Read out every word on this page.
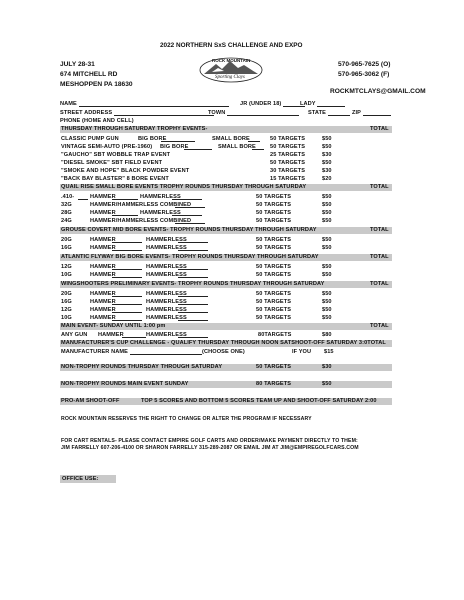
2022 NORTHERN SxS CHALLENGE AND EXPO
JULY 28-31
674 MITCHELL RD
MESHOPPEN PA 18630
570-965-7625 (O)
570-965-3062 (F)
ROCKMTCLAYS@GMAIL.COM
ROCK MOUNTAIN
Sporting Clays
NAME	JR (UNDER 18)	LADY
STREET ADDRESS	TOWN	STATE	ZIP
PHONE (HOME AND CELL)
THURSDAY THROUGH SATURDAY TROPHY EVENTS-	TOTAL
CLASSIC PUMP GUN	BIG BORE	SMALL BORE	50 TARGETS	$50
VINTAGE SEMI-AUTO (PRE-1960) BIG BORE	SMALL BORE	50 TARGETS	$50
"GAUCHO" SBT WOBBLE TRAP EVENT	25 TARGETS	$30
"DIESEL SMOKE" SBT FIELD EVENT	50 TARGETS	$50
"SMOKE AND HOPE" BLACK POWDER EVENT	30 TARGETS	$30
"BACK BAY BLASTER" 8 BORE EVENT	15 TARGETS	$20
QUAIL RISE SMALL BORE EVENTS TROPHY ROUNDS THURSDAY THROUGH SATURDAY	TOTAL
.410-	HAMMER	HAMMERLESS	50 TARGETS	$50
32G	HAMMER/HAMMERLESS COMBINED	50 TARGETS	$50
28G	HAMMER	HAMMERLESS	50 TARGETS	$50
24G	HAMMER/HAMMERLESS COMBINED	50 TARGETS	$50
GROUSE COVERT MID BORE EVENTS- TROPHY ROUNDS THURSDAY THROUGH SATURDAY	TOTAL
20G	HAMMER	HAMMERLESS	50 TARGETS	$50
16G	HAMMER	HAMMERLESS	50 TARGETS	$50
ATLANTIC FLYWAY BIG BORE EVENTS- TROPHY ROUNDS THURSDAY THROUGH SATURDAY	TOTAL
12G	HAMMER	HAMMERLESS	50 TARGETS	$50
10G	HAMMER	HAMMERLESS	50 TARGETS	$50
WINGSHOOTERS PRELIMINARY EVENTS- TROPHY ROUNDS THURSDAY THROUGH SATURDAY	TOTAL
20G	HAMMER	HAMMERLESS	50 TARGETS	$50
16G	HAMMER	HAMMERLESS	50 TARGETS	$50
12G	HAMMER	HAMMERLESS	50 TARGETS	$50
10G	HAMMER	HAMMERLESS	50 TARGETS	$50
MAIN EVENT- SUNDAY UNTIL 1:00 pm	TOTAL
ANY GUN HAMMER	HAMMERLESS	80TARGETS	$80
MANUFACTURER'S CUP CHALLENGE - QUALIFY THURSDAY THROUGH NOON SATSHOOT-OFF SATURDAY 3:0TOTAL
MANUFACTURER NAME	(CHOOSE ONE)	IF YOU $15
NON-TROPHY ROUNDS THURSDAY THROUGH SATURDAY	50 TARGETS	$30
NON-TROPHY ROUNDS MAIN EVENT SUNDAY	80 TARGETS	$50
PRO-AM SHOOT-OFF	TOP 5 SCORES AND BOTTOM 5 SCORES TEAM UP AND SHOOT-OFF SATURDAY 2:00
ROCK MOUNTAIN RESERVES THE RIGHT TO CHANGE OR ALTER THE PROGRAM IF NECESSARY
FOR CART RENTALS- PLEASE CONTACT EMPIRE GOLF CARTS AND ORDER/MAKE PAYMENT DIRECTLY TO THEM:
JIM FARRELLY 607-206-4100 OR SHARON FARRELLY 315-289-2087 OR EMAIL JIM AT JIM@EMPIREGOLFCARS.COM
OFFICE USE:
